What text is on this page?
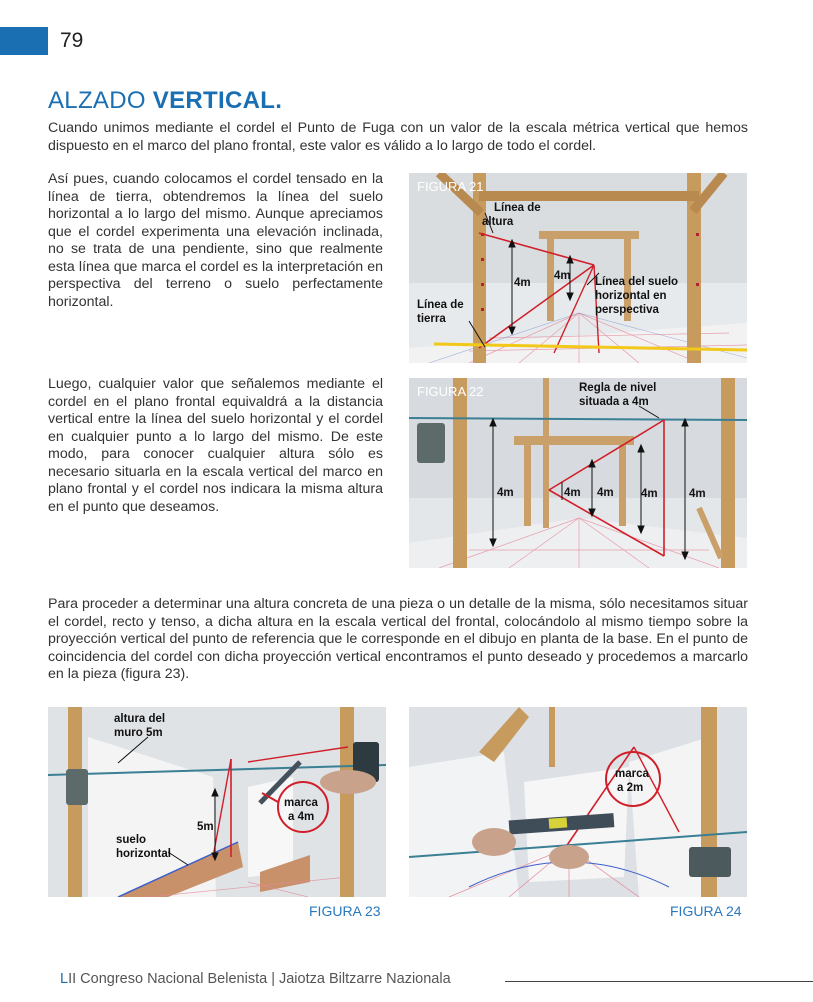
79
ALZADO VERTICAL.
Cuando unimos mediante el cordel el Punto de Fuga con un valor de la escala métrica vertical que hemos dispuesto en el marco del plano frontal, este valor es válido a lo largo de todo el cordel.
Así pues, cuando colocamos el cordel tensado en la línea de tierra, obtendremos la línea del suelo horizontal a lo largo del mismo. Aunque apreciamos que el cordel experimenta una elevación inclinada, no se trata de una pendiente, sino que realmente esta línea que marca el cordel es la interpretación en perspectiva del terreno o suelo perfectamente horizontal.
Luego, cualquier valor que señalemos mediante el cordel en el plano frontal equivaldrá a la distancia vertical entre la línea del suelo horizontal y el cordel en cualquier punto a lo largo del mismo. De este modo, para conocer cualquier altura sólo es necesario situarla en la escala vertical del marco en plano frontal y el cordel nos indicara la misma altura en el punto que deseamos.
Para proceder a determinar una altura concreta de una pieza o un detalle de la misma, sólo necesitamos situar el cordel, recto y tenso, a dicha altura en la escala vertical del frontal, colocándolo al mismo tiempo sobre la proyección vertical del punto de referencia que le corresponde en el dibujo en planta de la base. En el punto de coincidencia del cordel con dicha proyección vertical encontramos el punto deseado y procedemos a marcarlo en la pieza (figura 23).
FIGURA 21
Línea de
altura
4m
4m Línea del suelo
horizontal en
perspectiva
Línea de
tierra
FIGURA 22	Regla de nivel
situada a 4m
4m	4m 4m 4m	4m
altura del
muro 5m
suelo
horizontal
5m
marca
a 4m
FIGURA 23
marca
a 2m
FIGURA 24
LII Congreso Nacional Belenista | Jaiotza Biltzarre Nazionala
